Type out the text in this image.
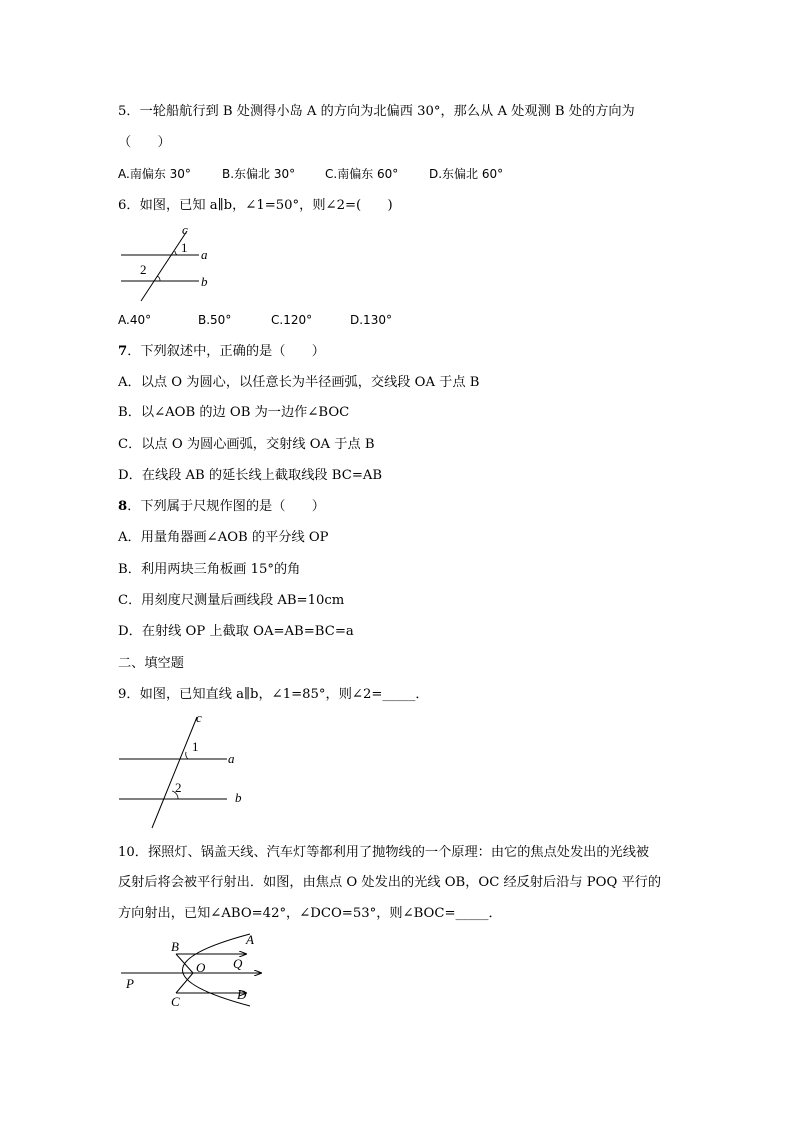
5．一轮船航行到 B 处测得小岛 A 的方向为北偏西 30°，那么从 A 处观测 B 处的方向为
（　　）
A.南偏东 30°	B.东偏北 30° C.南偏东 60°	D.东偏北 60°
6．如图，已知 a∥b，∠1=50°，则∠2=(　　)
c
a
b
1
2
A.40°	B.50°	C.120°	D.130°
7．下列叙述中，正确的是（　　）
A．以点 O 为圆心，以任意长为半径画弧，交线段 OA 于点 B
B．以∠AOB 的边 OB 为一边作∠BOC
C．以点 O 为圆心画弧，交射线 OA 于点 B
D．在线段 AB 的延长线上截取线段 BC=AB
8．下列属于尺规作图的是（　　）
A．用量角器画∠AOB 的平分线 OP
B．利用两块三角板画 15°的角
C．用刻度尺测量后画线段 AB=10cm
D．在射线 OP 上截取 OA=AB=BC=a
二、填空题
9．如图，已知直线 a∥b，∠1=85°，则∠2=_____．
c
a
b
1
2
10．探照灯、锅盖天线、汽车灯等都利用了抛物线的一个原理：由它的焦点处发出的光线被
反射后将会被平行射出．如图，由焦点 O 处发出的光线 OB，OC 经反射后沿与 POQ 平行的
方向射出，已知∠ABO=42°，∠DCO=53°，则∠BOC=_____．
A
B
O Q
P
C	D
